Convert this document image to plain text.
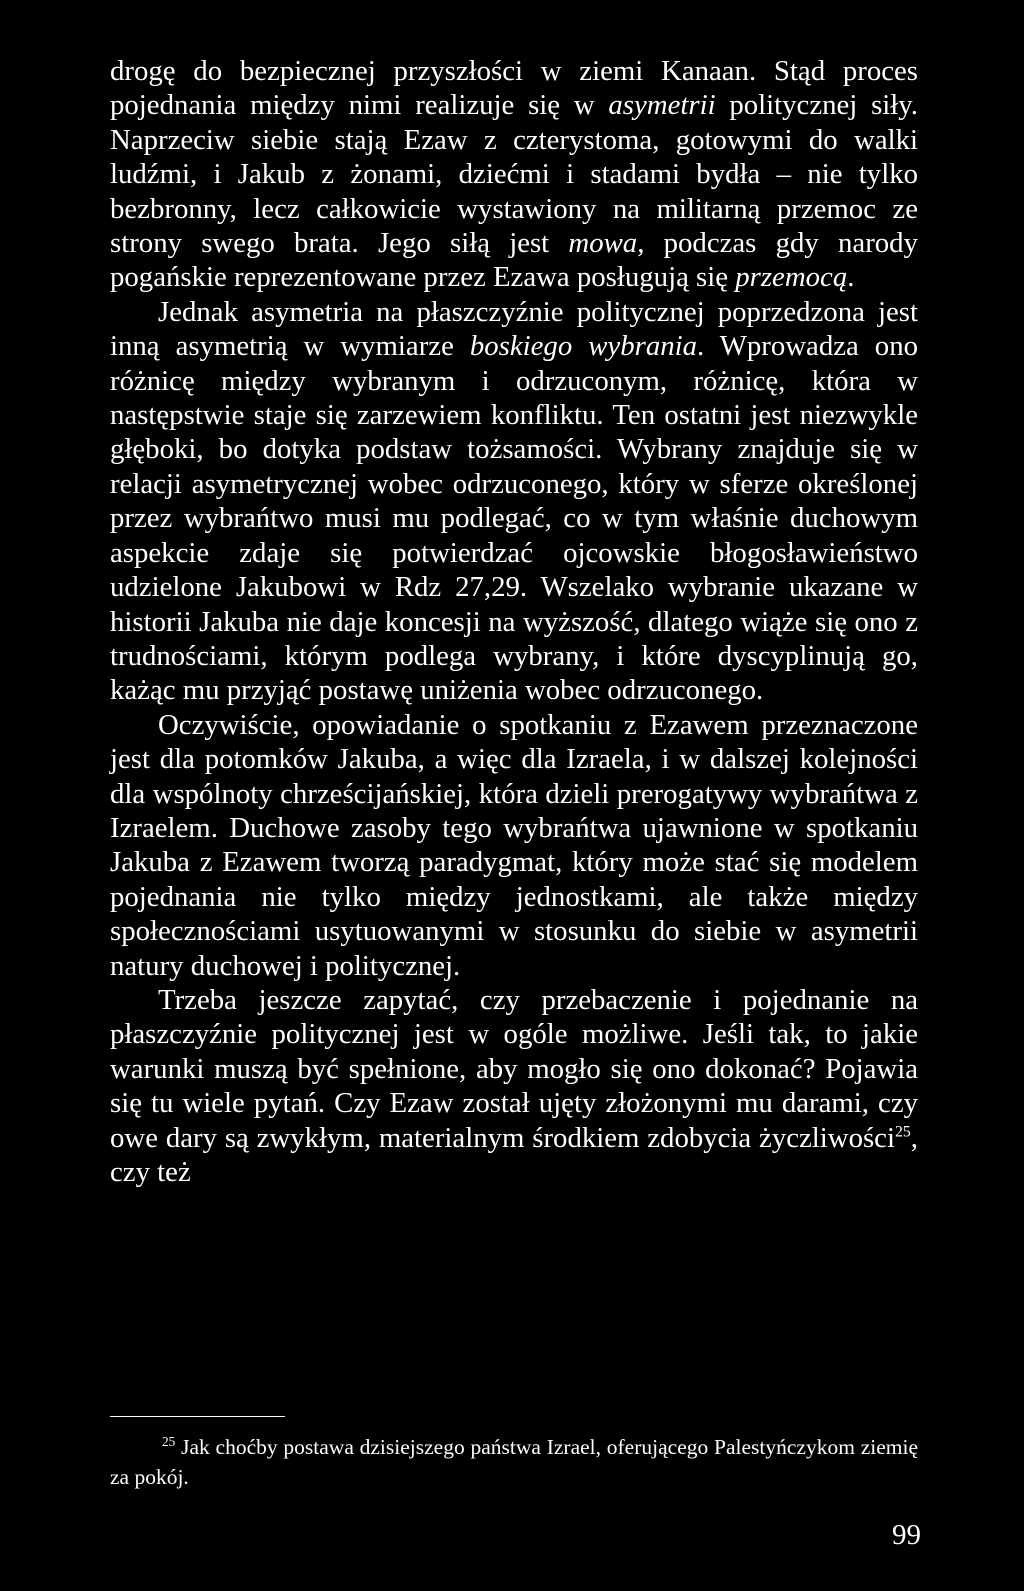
drogę do bezpiecznej przyszłości w ziemi Kanaan. Stąd proces pojednania między nimi realizuje się w asymetrii politycznej siły. Naprzeciw siebie stają Ezaw z czterystoma, gotowymi do walki ludźmi, i Jakub z żonami, dziećmi i stadami bydła – nie tylko bezbronny, lecz całkowicie wystawiony na militarną przemoc ze strony swego brata. Jego siłą jest mowa, podczas gdy narody pogańskie reprezentowane przez Ezawa posługują się przemocą.

Jednak asymetria na płaszczyźnie politycznej poprzedzona jest inną asymetrią w wymiarze boskiego wybrania. Wprowadza ono różnicę między wybranym i odrzuconym, różnicę, która w następstwie staje się zarzewiem konfliktu. Ten ostatni jest niezwykle głęboki, bo dotyka podstaw tożsamości. Wybrany znajduje się w relacji asymetrycznej wobec odrzuconego, który w sferze określonej przez wybrańtwo musi mu podlegać, co w tym właśnie duchowym aspekcie zdaje się potwierdzać ojcowskie błogosławieństwo udzielone Jakubowi w Rdz 27,29. Wszelako wybranie ukazane w historii Jakuba nie daje koncesji na wyższość, dlatego wiąże się ono z trudnościami, którym podlega wybrany, i które dyscyplinują go, każąc mu przyjąć postawę uniżenia wobec odrzuconego.

Oczywiście, opowiadanie o spotkaniu z Ezawem przeznaczone jest dla potomków Jakuba, a więc dla Izraela, i w dalszej kolejności dla wspólnoty chrześcijańskiej, która dzieli prerogatywy wybrańtwa z Izraelem. Duchowe zasoby tego wybrańtwa ujawnione w spotkaniu Jakuba z Ezawem tworzą paradygmat, który może stać się modelem pojednania nie tylko między jednostkami, ale także między społecznościami usytuowanymi w stosunku do siebie w asymetrii natury duchowej i politycznej.

Trzeba jeszcze zapytać, czy przebaczenie i pojednanie na płaszczyźnie politycznej jest w ogóle możliwe. Jeśli tak, to jakie warunki muszą być spełnione, aby mogło się ono dokonać? Pojawia się tu wiele pytań. Czy Ezaw został ujęty złożonymi mu darami, czy owe dary są zwykłym, materialnym środkiem zdobycia życzliwości$^{25}$, czy też

$^{25}$ Jak choćby postawa dzisiejszego państwa Izrael, oferującego Palestyńczykom ziemię za pokój.
99
